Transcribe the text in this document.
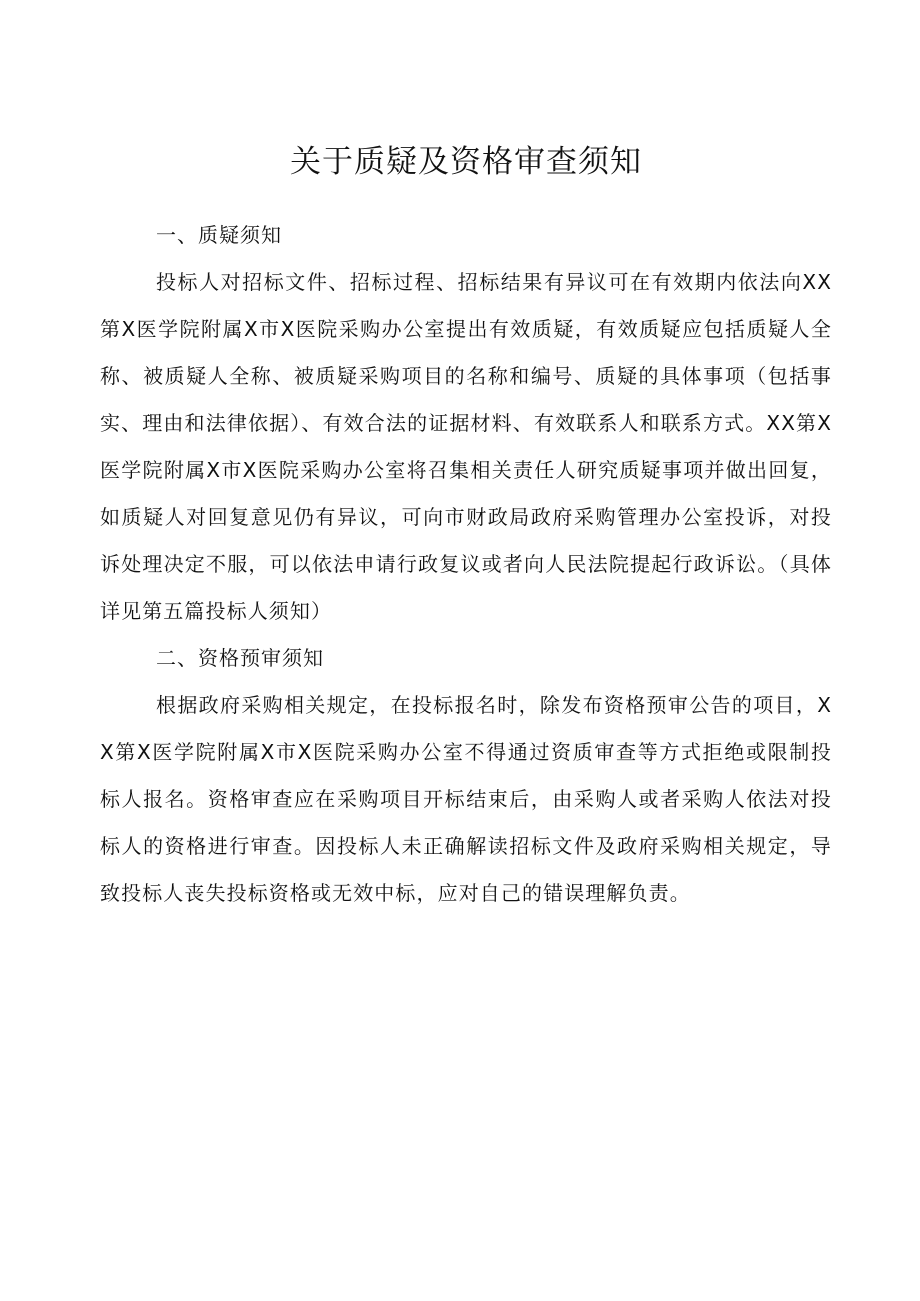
关于质疑及资格审查须知

一、质疑须知

投标人对招标文件、招标过程、招标结果有异议可在有效期内依法向XX第X医学院附属X市X医院采购办公室提出有效质疑，有效质疑应包括质疑人全称、被质疑人全称、被质疑采购项目的名称和编号、质疑的具体事项（包括事实、理由和法律依据）、有效合法的证据材料、有效联系人和联系方式。XX第X医学院附属X市X医院采购办公室将召集相关责任人研究质疑事项并做出回复，如质疑人对回复意见仍有异议，可向市财政局政府采购管理办公室投诉，对投诉处理决定不服，可以依法申请行政复议或者向人民法院提起行政诉讼。（具体详见第五篇投标人须知）

二、资格预审须知

根据政府采购相关规定，在投标报名时，除发布资格预审公告的项目，XX第X医学院附属X市X医院采购办公室不得通过资质审查等方式拒绝或限制投标人报名。资格审查应在采购项目开标结束后，由采购人或者采购人依法对投标人的资格进行审查。因投标人未正确解读招标文件及政府采购相关规定，导致投标人丧失投标资格或无效中标，应对自己的错误理解负责。
